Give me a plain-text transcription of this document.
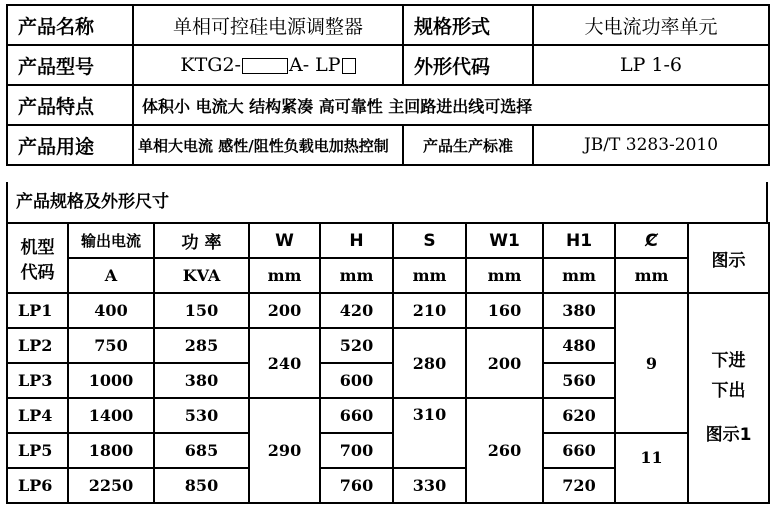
产品名称	单相可控硅电源调整器	规格形式	大电流功率单元
产品型号	KTG2- A- LP	外形代码	LP 1-6
产品特点	体积小 电流大 结构紧凑 高可靠性 主回路进出线可选择		
产品用途	单相大电流 感性/阻性负载电加热控制	产品生产标准	JB/T 3283-2010
产品规格及外形尺寸
机型
代码	输出电流	功 率	W	H	S	W1	H1	Ȼ	图示
	A	KVA	mm	mm	mm	mm	mm	mm	
LP1	400	150	200	420	210	160	380	9	下进
下出
图示1

LP2	750	285	240	520	280	200	480		
LP3	1000	380		600			560		
LP4	1400	530	290	660	310	260	620		
LP5	1800	685		700			660	11	
LP6	2250	850		760	330		720		
